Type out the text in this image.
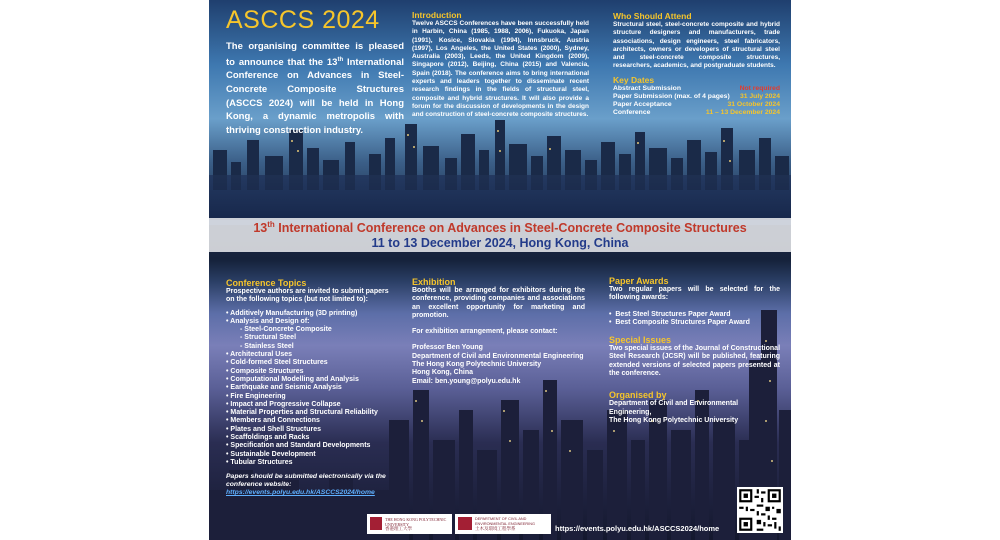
ASCCS 2024
The organising committee is pleased to announce that the 13th International Conference on Advances in Steel-Concrete Composite Structures (ASCCS 2024) will be held in Hong Kong, a dynamic metropolis with thriving construction industry.
Introduction
Twelve ASCCS Conferences have been successfully held in Harbin, China (1985, 1988, 2006), Fukuoka, Japan (1991), Kosice, Slovakia (1994), Innsbruck, Austria (1997), Los Angeles, the United States (2000), Sydney, Australia (2003), Leeds, the United Kingdom (2009), Singapore (2012), Beijing, China (2015) and Valencia, Spain (2018). The conference aims to bring international experts and leaders together to disseminate recent research findings in the fields of structural steel, composite and hybrid structures. It will also provide a forum for the discussion of developments in the design and construction of steel-concrete composite structures.
Who Should Attend
Structural steel, steel-concrete composite and hybrid structure designers and manufacturers, trade associations, design engineers, steel fabricators, architects, owners or developers of structural steel and steel-concrete composite structures, researchers, academics, and postgraduate students.
Key Dates
Abstract Submission	Not required
Paper Submission (max. of 4 pages) 31 July 2024
Paper Acceptance	31 October 2024
Conference	11 – 13 December 2024
13th International Conference on Advances in Steel-Concrete Composite Structures
11 to 13 December 2024, Hong Kong, China
Conference Topics
Prospective authors are invited to submit papers on the following topics (but not limited to):
• Additively Manufacturing (3D printing)
• Analysis and Design of:
- Steel-Concrete Composite
- Structural Steel
- Stainless Steel
• Architectural Uses
• Cold-formed Steel Structures
• Composite Structures
• Computational Modelling and Analysis
• Earthquake and Seismic Analysis
• Fire Engineering
• Impact and Progressive Collapse
• Material Properties and Structural Reliability
• Members and Connections
• Plates and Shell Structures
• Scaffoldings and Racks
• Specification and Standard Developments
• Sustainable Development
• Tubular Structures
Papers should be submitted electronically via the conference website:
https://events.polyu.edu.hk/ASCCS2024/home
Exhibition
Booths will be arranged for exhibitors during the conference, providing companies and associations an excellent opportunity for marketing and promotion.
For exhibition arrangement, please contact:
Professor Ben Young
Department of Civil and Environmental Engineering
The Hong Kong Polytechnic University
Hong Kong, China
Email: ben.young@polyu.edu.hk
Paper Awards
Two regular papers will be selected for the following awards:
•  Best Steel Structures Paper Award
•  Best Composite Structures Paper Award
Special Issues
Two special issues of the Journal of Constructional Steel Research (JCSR) will be published, featuring extended versions of selected papers presented at the conference.
Organised by
Department of Civil and Environmental Engineering,
The Hong Kong Polytechnic University
THE HONG KONG POLYTECHNIC UNIVERSITY
香港理工大學
DEPARTMENT OF CIVIL AND ENVIRONMENTAL ENGINEERING
土木及環境工程學系	https://events.polyu.edu.hk/ASCCS2024/home
